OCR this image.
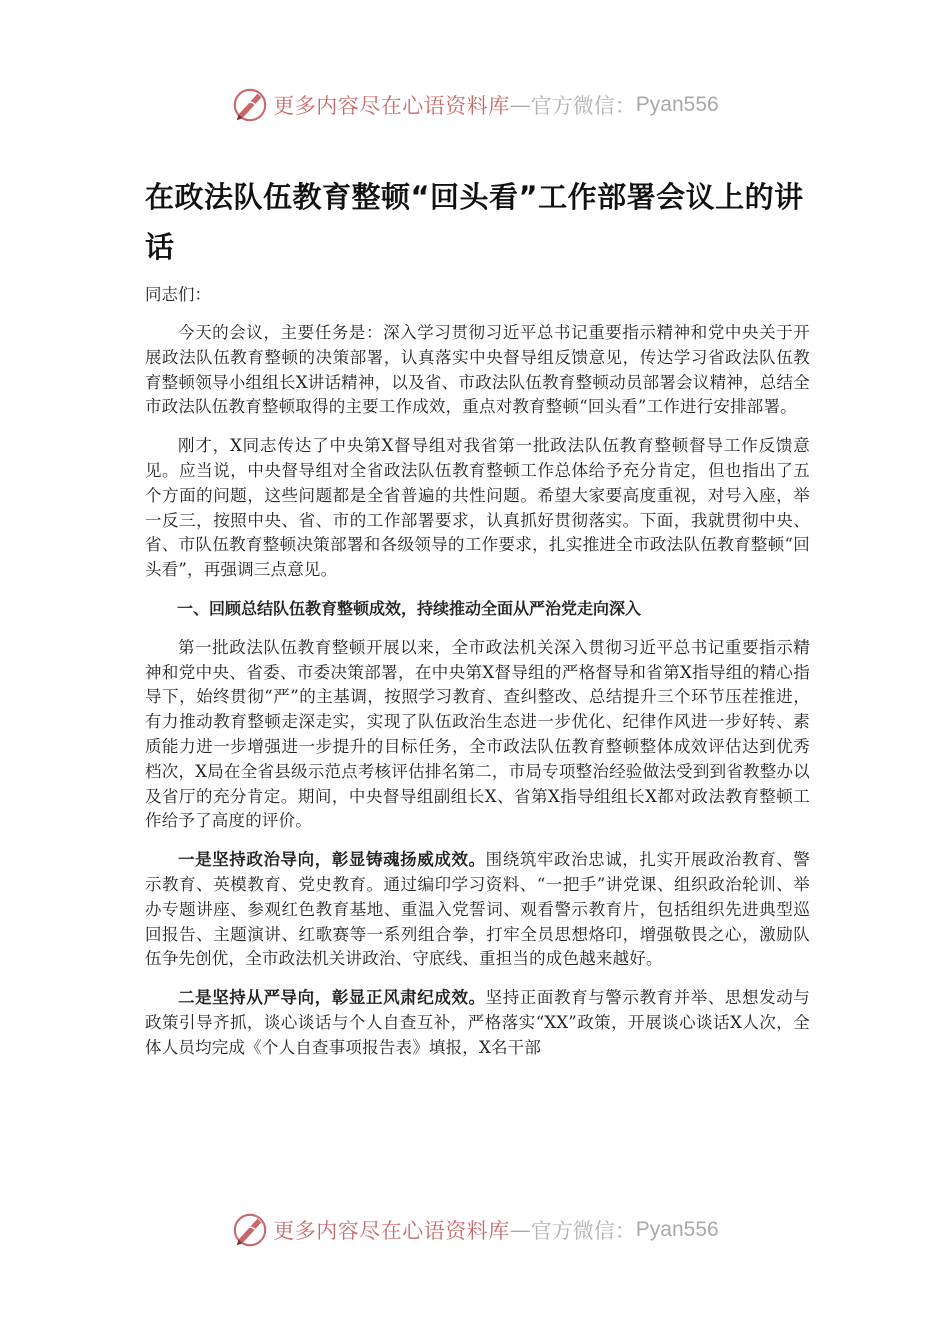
更多内容尽在心语资料库 — 官方微信： Pyan556
在政法队伍教育整顿“回头看”工作部署会议上的讲话
同志们：

今天的会议，主要任务是：深入学习贯彻习近平总书记重要指示精神和党中央关于开展政法队伍教育整顿的决策部署，认真落实中央督导组反馈意见，传达学习省政法队伍教育整顿领导小组组长X讲话精神，以及省、市政法队伍教育整顿动员部署会议精神，总结全市政法队伍教育整顿取得的主要工作成效，重点对教育整顿“回头看”工作进行安排部署。

刚才，X同志传达了中央第X督导组对我省第一批政法队伍教育整顿督导工作反馈意见。应当说，中央督导组对全省政法队伍教育整顿工作总体给予充分肯定，但也指出了五个方面的问题，这些问题都是全省普遍的共性问题。希望大家要高度重视，对号入座，举一反三，按照中央、省、市的工作部署要求，认真抓好贯彻落实。下面，我就贯彻中央、省、市队伍教育整顿决策部署和各级领导的工作要求，扎实推进全市政法队伍教育整顿“回头看”，再强调三点意见。

一、回顾总结队伍教育整顿成效，持续推动全面从严治党走向深入

第一批政法队伍教育整顿开展以来，全市政法机关深入贯彻习近平总书记重要指示精神和党中央、省委、市委决策部署，在中央第X督导组的严格督导和省第X指导组的精心指导下，始终贯彻“严”的主基调，按照学习教育、查纠整改、总结提升三个环节压茬推进，有力推动教育整顿走深走实，实现了队伍政治生态进一步优化、纪律作风进一步好转、素质能力进一步增强进一步提升的目标任务，全市政法队伍教育整顿整体成效评估达到优秀档次，X局在全省县级示范点考核评估排名第二，市局专项整治经验做法受到到省教整办以及省厅的充分肯定。期间，中央督导组副组长X、省第X指导组组长X都对政法教育整顿工作给予了高度的评价。

一是坚持政治导向，彰显铸魂扬威成效。围绕筑牢政治忠诚，扎实开展政治教育、警示教育、英模教育、党史教育。通过编印学习资料、“一把手”讲党课、组织政治轮训、举办专题讲座、参观红色教育基地、重温入党誓词、观看警示教育片，包括组织先进典型巡回报告、主题演讲、红歌赛等一系列组合拳，打牢全员思想烙印，增强敬畏之心，激励队伍争先创优，全市政法机关讲政治、守底线、重担当的成色越来越好。

二是坚持从严导向，彰显正风肃纪成效。坚持正面教育与警示教育并举、思想发动与政策引导齐抓，谈心谈话与个人自查互补，严格落实“XX”政策，开展谈心谈话X人次，全体人员均完成《个人自查事项报告表》填报，X名干部

更多内容尽在心语资料库 — 官方微信： Pyan556
